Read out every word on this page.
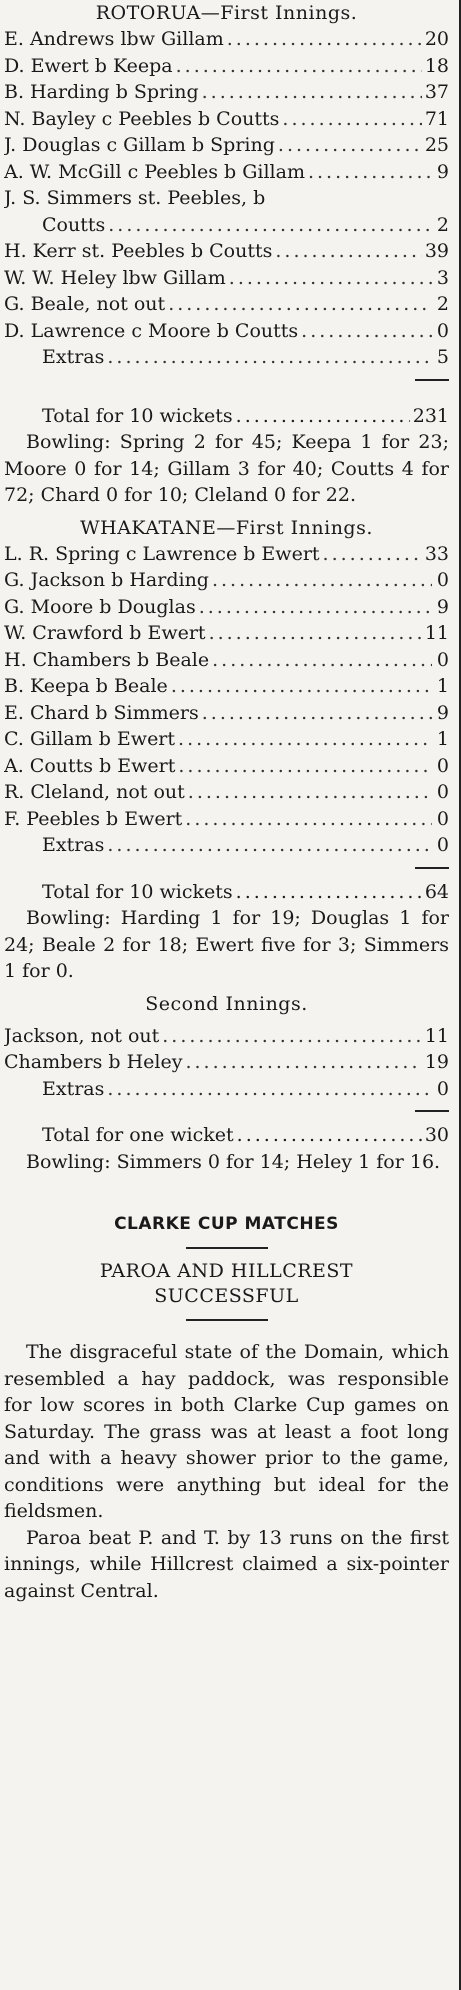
ROTORUA—First Innings.
E. Andrews lbw Gillam .....	20
D. Ewert b Keepa .....	18
B. Harding b Spring .....	37
N. Bayley c Peebles b Coutts .....	71
J. Douglas c Gillam b Spring .....	25
A. W. McGill c Peebles b Gillam .....	9
J. S. Simmers st. Peebles, b
Coutts .....	2
H. Kerr st. Peebles b Coutts .....	39
W. W. Heley lbw Gillam .....	3
G. Beale, not out .....	2
D. Lawrence c Moore b Coutts .....	0
Extras .....	5
Total for 10 wickets .....	231

Bowling: Spring 2 for 45; Keepa 1 for 23; Moore 0 for 14; Gillam 3 for 40; Coutts 4 for 72; Chard 0 for 10; Cleland 0 for 22.

WHAKATANE—First Innings.
L. R. Spring c Lawrence b Ewert .....	33
G. Jackson b Harding .....	0
G. Moore b Douglas .....	9
W. Crawford b Ewert .....	11
H. Chambers b Beale .....	0
B. Keepa b Beale .....	1
E. Chard b Simmers .....	9
C. Gillam b Ewert .....	1
A. Coutts b Ewert .....	0
R. Cleland, not out .....	0
F. Peebles b Ewert .....	0
Extras .....	0
Total for 10 wickets .....	64

Bowling: Harding 1 for 19; Douglas 1 for 24; Beale 2 for 18; Ewert five for 3; Simmers 1 for 0.

Second Innings.
Jackson, not out .....	11
Chambers b Heley .....	19
Extras .....	0
Total for one wicket .....	30

Bowling: Simmers 0 for 14; Heley 1 for 16.

CLARKE CUP MATCHES
PAROA AND HILLCREST
SUCCESSFUL

The disgraceful state of the Domain, which resembled a hay paddock, was responsible for low scores in both Clarke Cup games on Saturday. The grass was at least a foot long and with a heavy shower prior to the game, conditions were anything but ideal for the fieldsmen.

Paroa beat P. and T. by 13 runs on the first innings, while Hillcrest claimed a six-pointer against Central.
